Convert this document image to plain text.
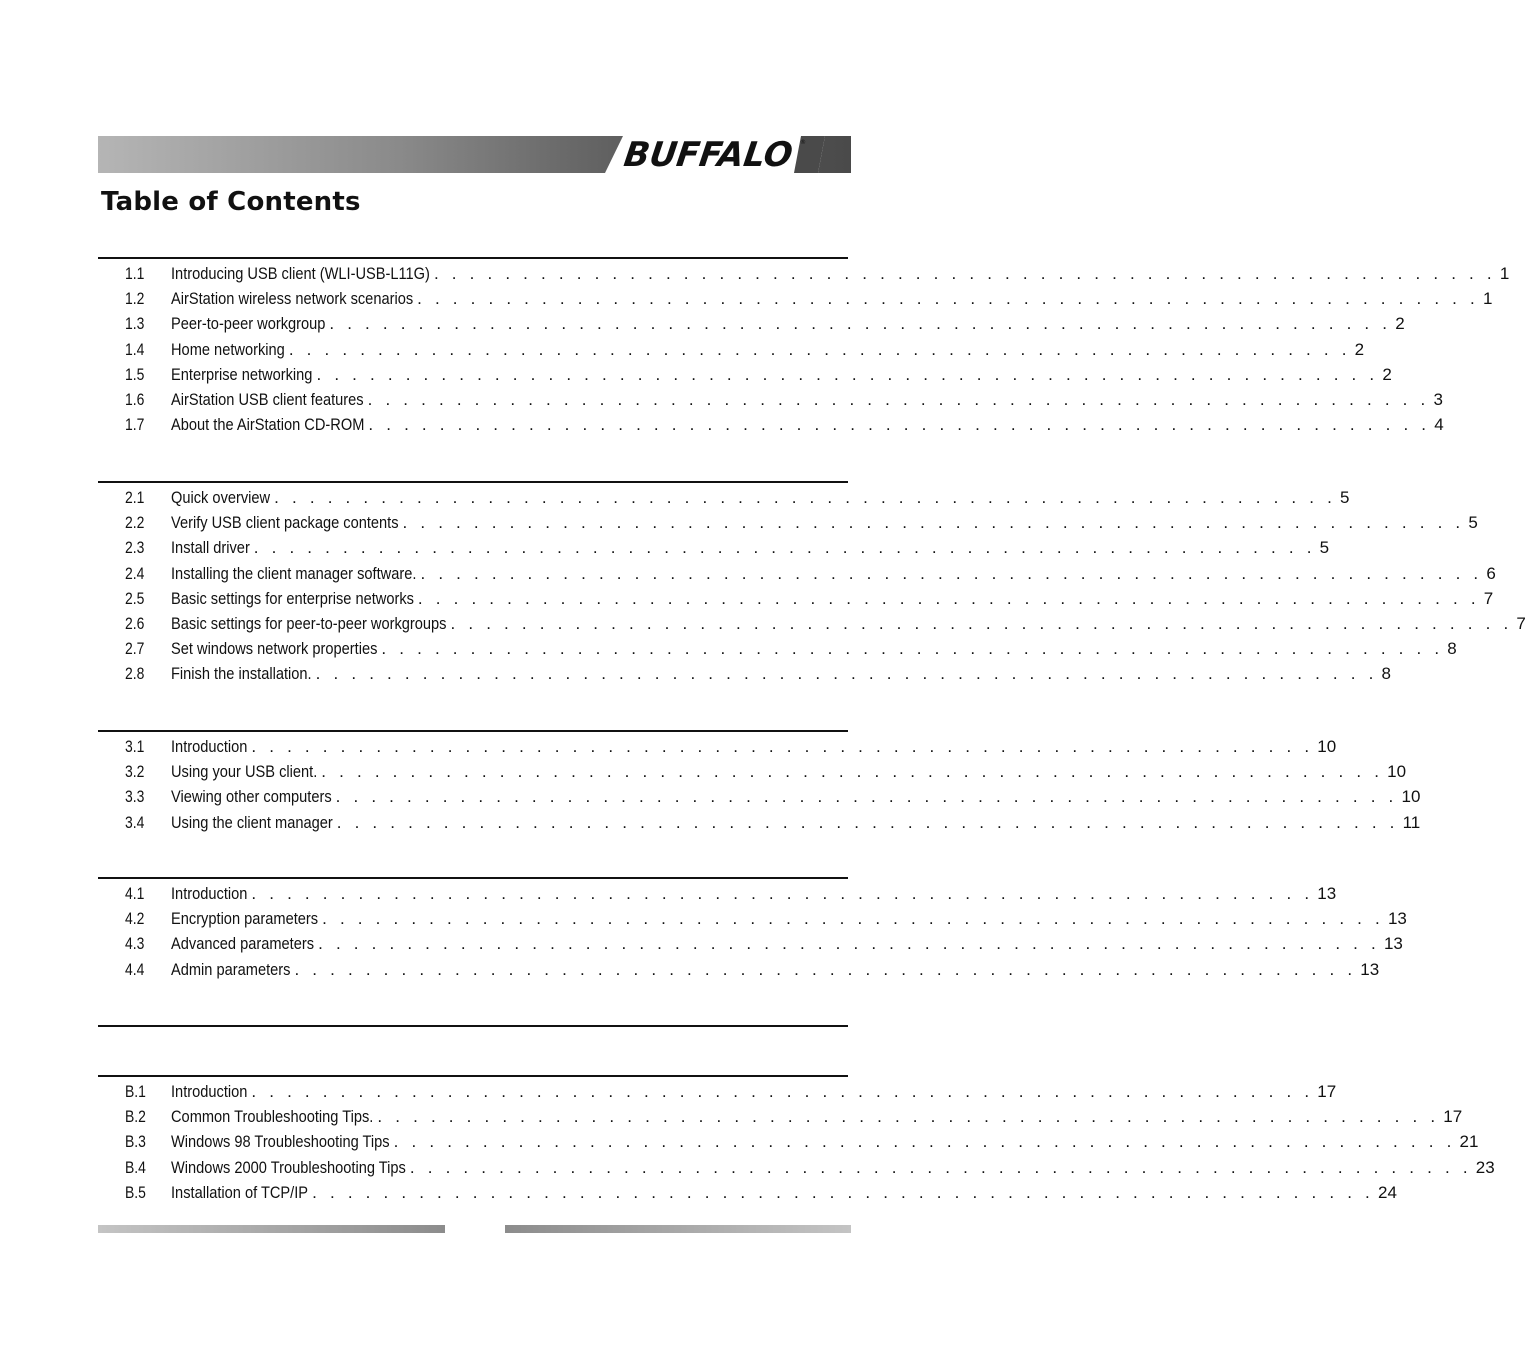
BUFFALO ®
Table of Contents
1.1	Introducing USB client (WLI-USB-L11G) . . . . . . . . . . . . . . . . . . . . . . . . . . . . . . . . . . . . . . . . . . . . . . . . . . . . . . . . . . . . 1
1.2	AirStation wireless network scenarios . . . . . . . . . . . . . . . . . . . . . . . . . . . . . . . . . . . . . . . . . . . . . . . . . . . . . . . . . . . . 1
1.3	Peer-to-peer workgroup . . . . . . . . . . . . . . . . . . . . . . . . . . . . . . . . . . . . . . . . . . . . . . . . . . . . . . . . . . . . 2
1.4	Home networking . . . . . . . . . . . . . . . . . . . . . . . . . . . . . . . . . . . . . . . . . . . . . . . . . . . . . . . . . . . . 2
1.5	Enterprise networking . . . . . . . . . . . . . . . . . . . . . . . . . . . . . . . . . . . . . . . . . . . . . . . . . . . . . . . . . . . . 2
1.6	AirStation USB client features . . . . . . . . . . . . . . . . . . . . . . . . . . . . . . . . . . . . . . . . . . . . . . . . . . . . . . . . . . . . 3
1.7	About the AirStation CD-ROM . . . . . . . . . . . . . . . . . . . . . . . . . . . . . . . . . . . . . . . . . . . . . . . . . . . . . . . . . . . . 4
2.1	Quick overview . . . . . . . . . . . . . . . . . . . . . . . . . . . . . . . . . . . . . . . . . . . . . . . . . . . . . . . . . . . . 5
2.2	Verify USB client package contents . . . . . . . . . . . . . . . . . . . . . . . . . . . . . . . . . . . . . . . . . . . . . . . . . . . . . . . . . . . . 5
2.3	Install driver . . . . . . . . . . . . . . . . . . . . . . . . . . . . . . . . . . . . . . . . . . . . . . . . . . . . . . . . . . . . 5
2.4	Installing the client manager software. . . . . . . . . . . . . . . . . . . . . . . . . . . . . . . . . . . . . . . . . . . . . . . . . . . . . . . . . . . . . 6
2.5	Basic settings for enterprise networks . . . . . . . . . . . . . . . . . . . . . . . . . . . . . . . . . . . . . . . . . . . . . . . . . . . . . . . . . . . . 7
2.6	Basic settings for peer-to-peer workgroups . . . . . . . . . . . . . . . . . . . . . . . . . . . . . . . . . . . . . . . . . . . . . . . . . . . . . . . . . . . . 7
2.7	Set windows network properties . . . . . . . . . . . . . . . . . . . . . . . . . . . . . . . . . . . . . . . . . . . . . . . . . . . . . . . . . . . . 8
2.8	Finish the installation. . . . . . . . . . . . . . . . . . . . . . . . . . . . . . . . . . . . . . . . . . . . . . . . . . . . . . . . . . . . . 8
3.1	Introduction . . . . . . . . . . . . . . . . . . . . . . . . . . . . . . . . . . . . . . . . . . . . . . . . . . . . . . . . . . . . 10
3.2	Using your USB client. . . . . . . . . . . . . . . . . . . . . . . . . . . . . . . . . . . . . . . . . . . . . . . . . . . . . . . . . . . . . 10
3.3	Viewing other computers . . . . . . . . . . . . . . . . . . . . . . . . . . . . . . . . . . . . . . . . . . . . . . . . . . . . . . . . . . . . 10
3.4	Using the client manager . . . . . . . . . . . . . . . . . . . . . . . . . . . . . . . . . . . . . . . . . . . . . . . . . . . . . . . . . . . . 11
4.1	Introduction . . . . . . . . . . . . . . . . . . . . . . . . . . . . . . . . . . . . . . . . . . . . . . . . . . . . . . . . . . . . 13
4.2	Encryption parameters . . . . . . . . . . . . . . . . . . . . . . . . . . . . . . . . . . . . . . . . . . . . . . . . . . . . . . . . . . . . 13
4.3	Advanced parameters . . . . . . . . . . . . . . . . . . . . . . . . . . . . . . . . . . . . . . . . . . . . . . . . . . . . . . . . . . . . 13
4.4	Admin parameters . . . . . . . . . . . . . . . . . . . . . . . . . . . . . . . . . . . . . . . . . . . . . . . . . . . . . . . . . . . . 13
B.1	Introduction . . . . . . . . . . . . . . . . . . . . . . . . . . . . . . . . . . . . . . . . . . . . . . . . . . . . . . . . . . . . 17
B.2	Common Troubleshooting Tips. . . . . . . . . . . . . . . . . . . . . . . . . . . . . . . . . . . . . . . . . . . . . . . . . . . . . . . . . . . . . 17
B.3	Windows 98 Troubleshooting Tips . . . . . . . . . . . . . . . . . . . . . . . . . . . . . . . . . . . . . . . . . . . . . . . . . . . . . . . . . . . . 21
B.4	Windows 2000 Troubleshooting Tips . . . . . . . . . . . . . . . . . . . . . . . . . . . . . . . . . . . . . . . . . . . . . . . . . . . . . . . . . . . . 23
B.5	Installation of TCP/IP . . . . . . . . . . . . . . . . . . . . . . . . . . . . . . . . . . . . . . . . . . . . . . . . . . . . . . . . . . . . 24
